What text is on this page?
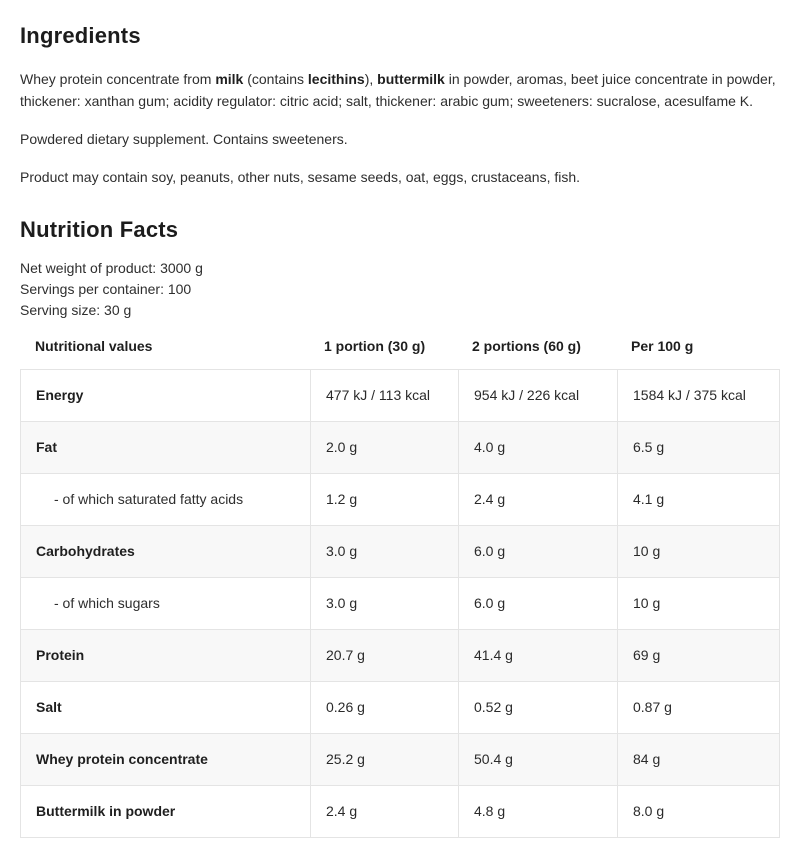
Ingredients

Whey protein concentrate from milk (contains lecithins), buttermilk in powder, aromas, beet juice concentrate in powder, thickener: xanthan gum; acidity regulator: citric acid; salt, thickener: arabic gum; sweeteners: sucralose, acesulfame K.

Powdered dietary supplement. Contains sweeteners.

Product may contain soy, peanuts, other nuts, sesame seeds, oat, eggs, crustaceans, fish.

Nutrition Facts
Net weight of product: 3000 g
Servings per container: 100
Serving size: 30 g
Nutritional values	1 portion (30 g)	2 portions (60 g)	Per 100 g
Energy	477 kJ / 113 kcal	954 kJ / 226 kcal	1584 kJ / 375 kcal
Fat	2.0 g	4.0 g	6.5 g
- of which saturated fatty acids	1.2 g	2.4 g	4.1 g
Carbohydrates	3.0 g	6.0 g	10 g
- of which sugars	3.0 g	6.0 g	10 g
Protein	20.7 g	41.4 g	69 g
Salt	0.26 g	0.52 g	0.87 g
Whey protein concentrate	25.2 g	50.4 g	84 g
Buttermilk in powder	2.4 g	4.8 g	8.0 g
